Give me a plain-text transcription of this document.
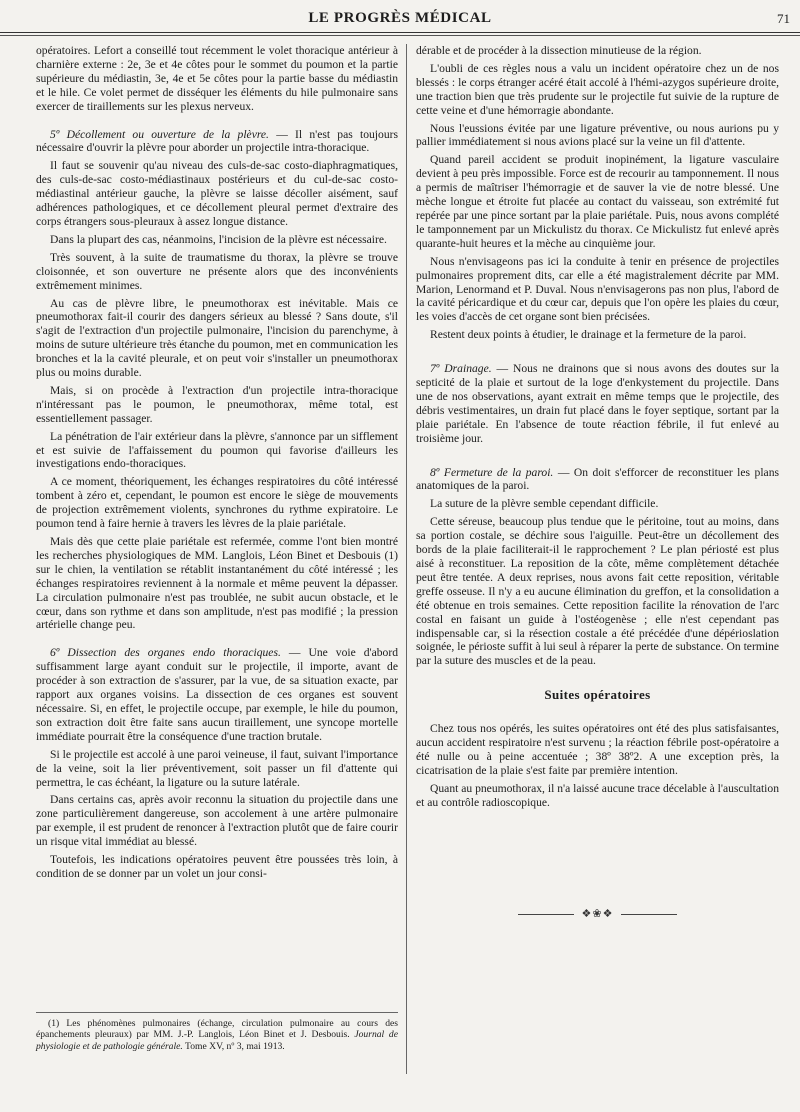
LE PROGRÈS MÉDICAL	71

opératoires. Lefort a conseillé tout récemment le volet thoracique antérieur à charnière externe : 2e, 3e et 4e côtes pour le sommet du poumon et la partie supérieure du médiastin, 3e, 4e et 5e côtes pour la partie basse du médiastin et le hile. Ce volet permet de disséquer les éléments du hile pulmonaire sans exercer de tiraillements sur les plexus nerveux.

5º Décollement ou ouverture de la plèvre. — Il n'est pas toujours nécessaire d'ouvrir la plèvre pour aborder un projectile intra-thoracique.

Il faut se souvenir qu'au niveau des culs-de-sac costo-diaphragmatiques, des culs-de-sac costo-médiastinaux postérieurs et du cul-de-sac costo-médiastinal antérieur gauche, la plèvre se laisse décoller aisément, sauf adhérences pathologiques, et ce décollement pleural permet d'extraire des corps étrangers sous-pleuraux à assez longue distance.

Dans la plupart des cas, néanmoins, l'incision de la plèvre est nécessaire.

Très souvent, à la suite de traumatisme du thorax, la plèvre se trouve cloisonnée, et son ouverture ne présente alors que des inconvénients extrêmement minimes.

Au cas de plèvre libre, le pneumothorax est inévitable. Mais ce pneumothorax fait-il courir des dangers sérieux au blessé ? Sans doute, s'il s'agit de l'extraction d'un projectile pulmonaire, l'incision du parenchyme, à moins de suture ultérieure très étanche du poumon, met en communication les bronches et la la cavité pleurale, et on peut voir s'installer un pneumothorax plus ou moins durable.

Mais, si on procède à l'extraction d'un projectile intra-thoracique n'intéressant pas le poumon, le pneumothorax, même total, est essentiellement passager.

La pénétration de l'air extérieur dans la plèvre, s'annonce par un sifflement et est suivie de l'affaissement du poumon qui favorise d'ailleurs les investigations endo-thoraciques.

A ce moment, théoriquement, les échanges respiratoires du côté intéressé tombent à zéro et, cependant, le poumon est encore le siège de mouvements de projection extrêmement violents, synchrones du rythme expiratoire. Le poumon tend à faire hernie à travers les lèvres de la plaie pariétale.

Mais dès que cette plaie pariétale est refermée, comme l'ont bien montré les recherches physiologiques de MM. Langlois, Léon Binet et Desbouis (1) sur le chien, la ventilation se rétablit instantanément du côté intéressé ; les échanges respiratoires reviennent à la normale et même peuvent la dépasser. La circulation pulmonaire n'est pas troublée, ne subit aucun obstacle, et le cœur, dans son rythme et dans son amplitude, n'est pas modifié ; la pression artérielle change peu.

6º Dissection des organes endo thoraciques. — Une voie d'abord suffisamment large ayant conduit sur le projectile, il importe, avant de procéder à son extraction de s'assurer, par la vue, de sa situation exacte, par rapport aux organes voisins. La dissection de ces organes est souvent nécessaire. Si, en effet, le projectile occupe, par exemple, le hile du poumon, son extraction doit être faite sans aucun tiraillement, une syncope mortelle immédiate pourrait être la conséquence d'une traction brutale.

Si le projectile est accolé à une paroi veineuse, il faut, suivant l'importance de la veine, soit la lier préventivement, soit passer un fil d'attente qui permettra, le cas échéant, la ligature ou la suture latérale.

Dans certains cas, après avoir reconnu la situation du projectile dans une zone particulièrement dangereuse, son accolement à une artère pulmonaire par exemple, il est prudent de renoncer à l'extraction plutôt que de faire courir un risque vital immédiat au blessé.

Toutefois, les indications opératoires peuvent être poussées très loin, à condition de se donner par un volet un jour consi-

(1) Les phénomènes pulmonaires (échange, circulation pulmonaire au cours des épanchements pleuraux) par MM. J.-P. Langlois, Léon Binet et J. Desbouis. Journal de physiologie et de pathologie générale. Tome XV, nº 3, mai 1913.

dérable et de procéder à la dissection minutieuse de la région.

L'oubli de ces règles nous a valu un incident opératoire chez un de nos blessés : le corps étranger acéré était accolé à l'hémi-azygos supérieure droite, une traction bien que très prudente sur le projectile fut suivie de la rupture de cette veine et d'une hémorragie abondante.

Nous l'eussions évitée par une ligature préventive, ou nous aurions pu y pallier immédiatement si nous avions placé sur la veine un fil d'attente.

Quand pareil accident se produit inopinément, la ligature vasculaire devient à peu près impossible. Force est de recourir au tamponnement. Il nous a permis de maîtriser l'hémorragie et de sauver la vie de notre blessé. Une mèche longue et étroite fut placée au contact du vaisseau, son extrémité fut repérée par une pince sortant par la plaie pariétale. Puis, nous avons complété le tamponnement par un Mickulistz du thorax. Ce Mickulistz fut enlevé après quarante-huit heures et la mèche au cinquième jour.

Nous n'envisageons pas ici la conduite à tenir en présence de projectiles pulmonaires proprement dits, car elle a été magistralement décrite par MM. Marion, Lenormand et P. Duval. Nous n'envisagerons pas non plus, l'abord de la cavité péricardique et du cœur car, depuis que l'on opère les plaies du cœur, les voies d'accès de cet organe sont bien précisées.

Restent deux points à étudier, le drainage et la fermeture de la paroi.

7º Drainage. — Nous ne drainons que si nous avons des doutes sur la septicité de la plaie et surtout de la loge d'enkystement du projectile. Dans une de nos observations, ayant extrait en même temps que le projectile, des débris vestimentaires, un drain fut placé dans le foyer septique, sortant par la plaie pariétale. En l'absence de toute réaction fébrile, il fut enlevé au troisième jour.

8º Fermeture de la paroi. — On doit s'efforcer de reconstituer les plans anatomiques de la paroi.

La suture de la plèvre semble cependant difficile.

Cette séreuse, beaucoup plus tendue que le péritoine, tout au moins, dans sa portion costale, se déchire sous l'aiguille. Peut-être un décollement des bords de la plaie faciliterait-il le rapprochement ? Le plan périosté est plus aisé à reconstituer. La reposition de la côte, même complètement détachée peut être tentée. A deux reprises, nous avons fait cette reposition, véritable greffe osseuse. Il n'y a eu aucune élimination du greffon, et la consolidation a été obtenue en trois semaines. Cette reposition facilite la rénovation de l'arc costal en faisant un guide à l'ostéogenèse ; elle n'est cependant pas indispensable car, si la résection costale a été précédée d'une dépérioslation soignée, le périoste suffit à lui seul à réparer la perte de substance. On termine par la suture des muscles et de la peau.

Suites opératoires

Chez tous nos opérés, les suites opératoires ont été des plus satisfaisantes, aucun accident respiratoire n'est survenu ; la réaction fébrile post-opératoire a été nulle ou à peine accentuée ; 38º 38º2. A une exception près, la cicatrisation de la plaie s'est faite par première intention.

Quant au pneumothorax, il n'a laissé aucune trace décelable à l'auscultation et au contrôle radioscopique.

❖❀❖
